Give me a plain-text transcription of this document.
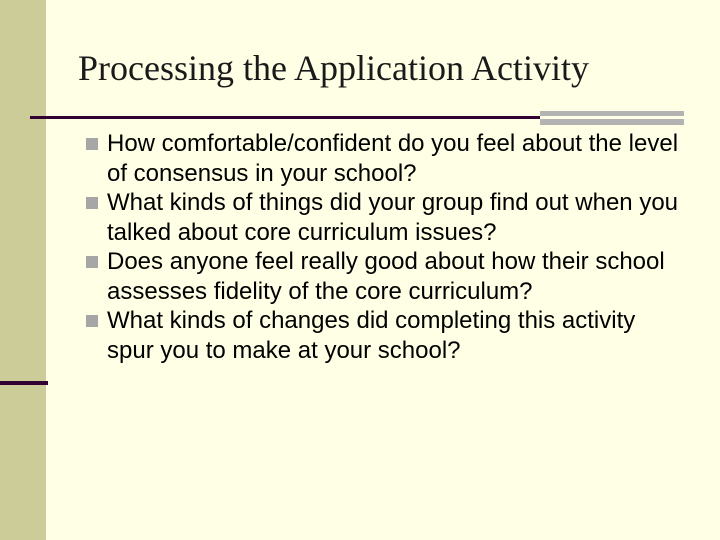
Processing the Application Activity
How comfortable/confident do you feel about the level of consensus in your school?
What kinds of things did your group find out when you talked about core curriculum issues?
Does anyone feel really good about how their school assesses fidelity of the core curriculum?
What kinds of changes did completing this activity spur you to make at your school?
